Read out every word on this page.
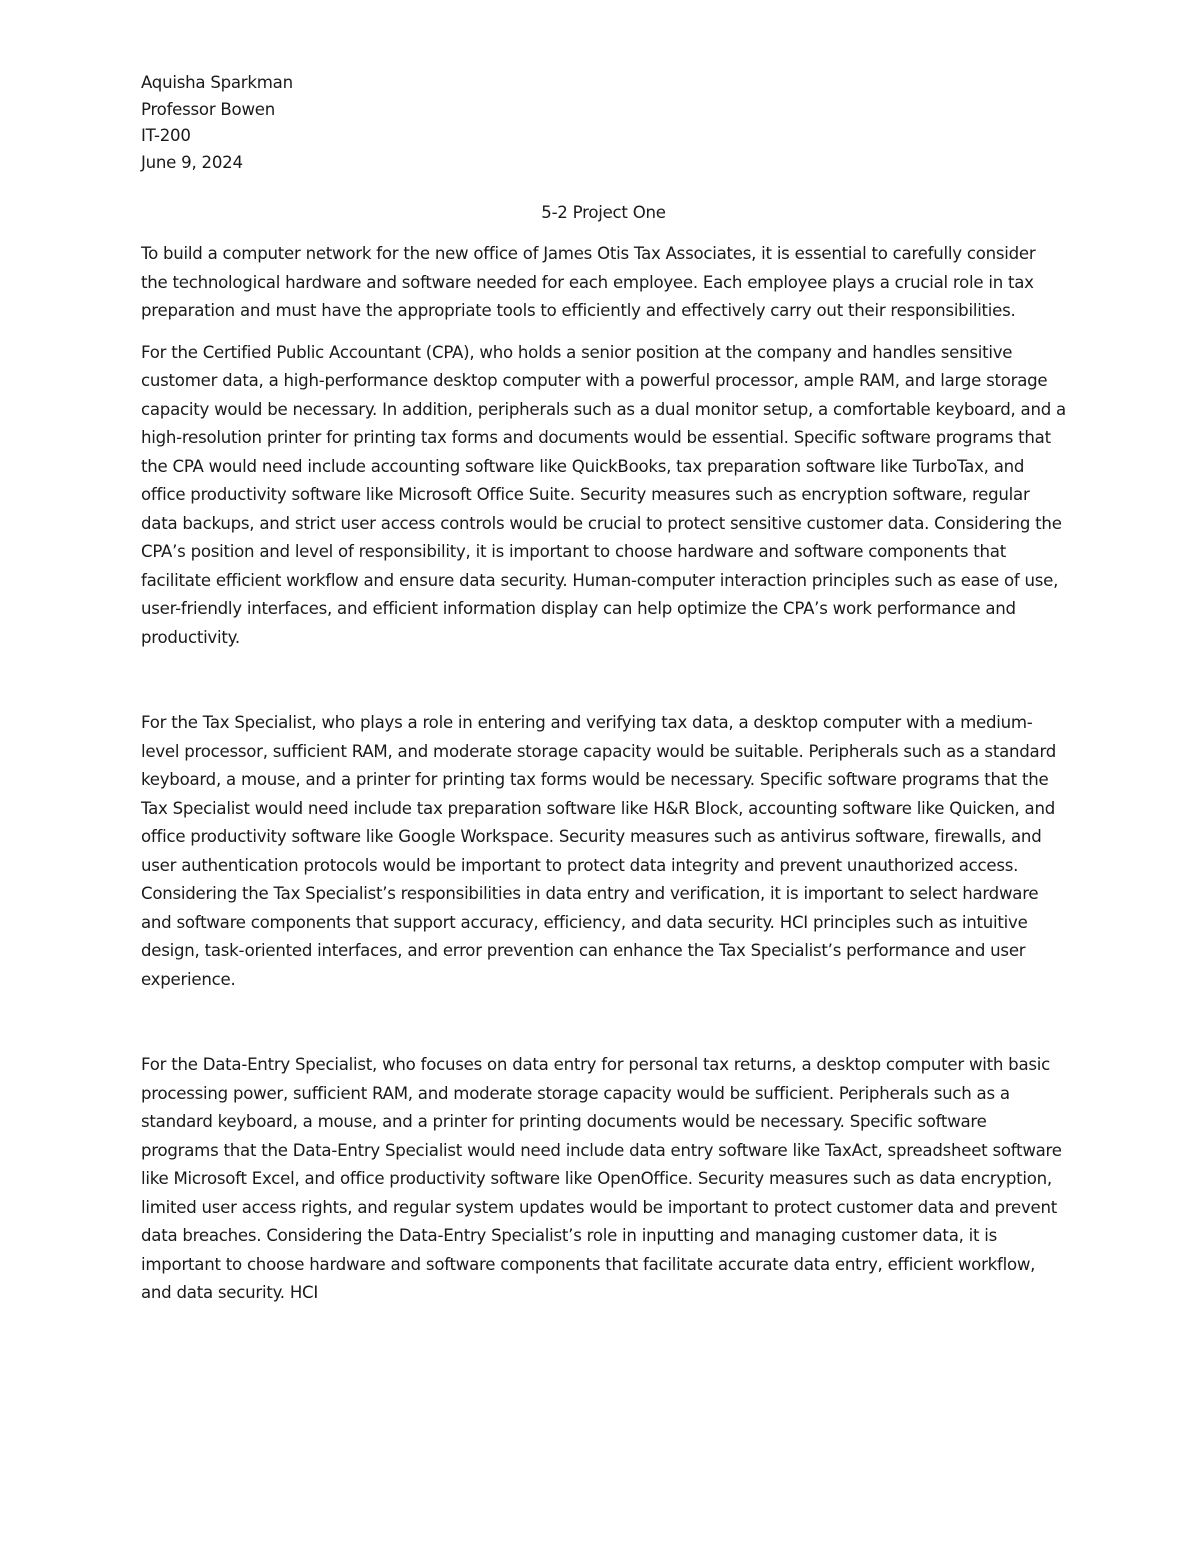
Aquisha Sparkman

Professor Bowen

IT-200

June 9, 2024

5-2 Project One

To build a computer network for the new office of James Otis Tax Associates, it is essential to carefully consider the technological hardware and software needed for each employee. Each employee plays a crucial role in tax preparation and must have the appropriate tools to efficiently and effectively carry out their responsibilities.

For the Certified Public Accountant (CPA), who holds a senior position at the company and handles sensitive customer data, a high-performance desktop computer with a powerful processor, ample RAM, and large storage capacity would be necessary. In addition, peripherals such as a dual monitor setup, a comfortable keyboard, and a high-resolution printer for printing tax forms and documents would be essential. Specific software programs that the CPA would need include accounting software like QuickBooks, tax preparation software like TurboTax, and office productivity software like Microsoft Office Suite. Security measures such as encryption software, regular data backups, and strict user access controls would be crucial to protect sensitive customer data. Considering the CPA’s position and level of responsibility, it is important to choose hardware and software components that facilitate efficient workflow and ensure data security. Human-computer interaction principles such as ease of use, user-friendly interfaces, and efficient information display can help optimize the CPA’s work performance and productivity.

For the Tax Specialist, who plays a role in entering and verifying tax data, a desktop computer with a medium-level processor, sufficient RAM, and moderate storage capacity would be suitable. Peripherals such as a standard keyboard, a mouse, and a printer for printing tax forms would be necessary. Specific software programs that the Tax Specialist would need include tax preparation software like H&R Block, accounting software like Quicken, and office productivity software like Google Workspace. Security measures such as antivirus software, firewalls, and user authentication protocols would be important to protect data integrity and prevent unauthorized access. Considering the Tax Specialist’s responsibilities in data entry and verification, it is important to select hardware and software components that support accuracy, efficiency, and data security. HCI principles such as intuitive design, task-oriented interfaces, and error prevention can enhance the Tax Specialist’s performance and user experience.

For the Data-Entry Specialist, who focuses on data entry for personal tax returns, a desktop computer with basic processing power, sufficient RAM, and moderate storage capacity would be sufficient. Peripherals such as a standard keyboard, a mouse, and a printer for printing documents would be necessary. Specific software programs that the Data-Entry Specialist would need include data entry software like TaxAct, spreadsheet software like Microsoft Excel, and office productivity software like OpenOffice. Security measures such as data encryption, limited user access rights, and regular system updates would be important to protect customer data and prevent data breaches. Considering the Data-Entry Specialist’s role in inputting and managing customer data, it is important to choose hardware and software components that facilitate accurate data entry, efficient workflow, and data security. HCI
